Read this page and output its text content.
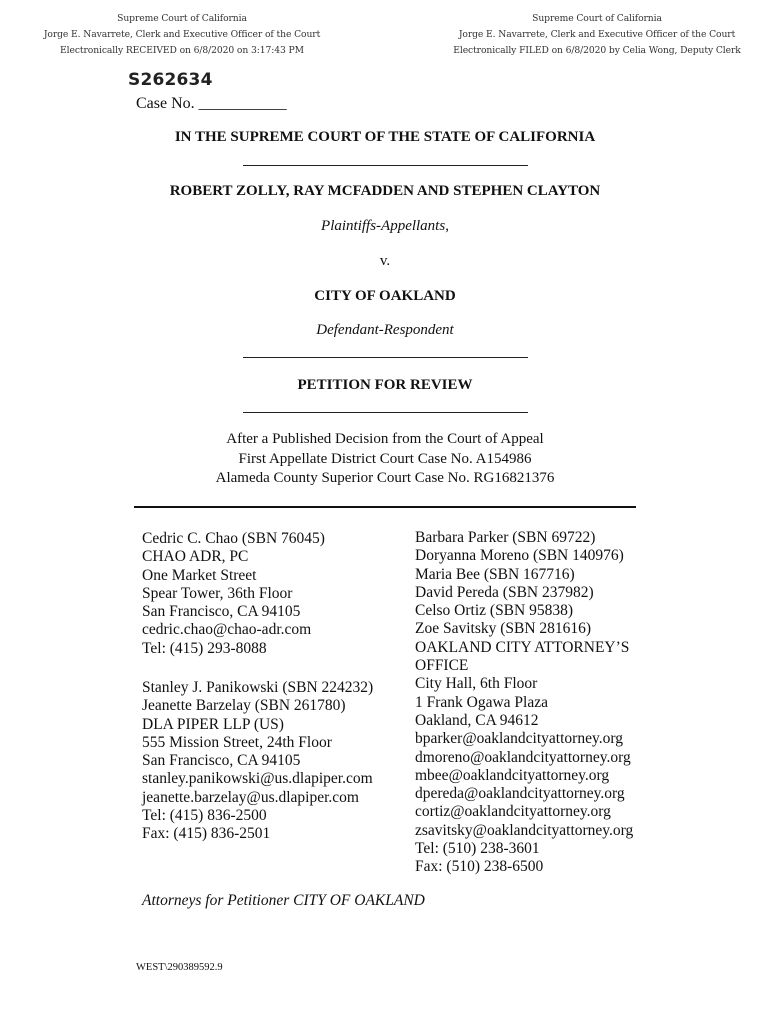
Supreme Court of California
Jorge E. Navarrete, Clerk and Executive Officer of the Court
Electronically RECEIVED on 6/8/2020 on 3:17:43 PM
Supreme Court of California
Jorge E. Navarrete, Clerk and Executive Officer of the Court
Electronically FILED on 6/8/2020 by Celia Wong, Deputy Clerk
S262634
Case No. ___________
IN THE SUPREME COURT OF THE STATE OF CALIFORNIA
ROBERT ZOLLY, RAY MCFADDEN AND STEPHEN CLAYTON
Plaintiffs-Appellants,
v.
CITY OF OAKLAND
Defendant-Respondent
PETITION FOR REVIEW
After a Published Decision from the Court of Appeal
First Appellate District Court Case No. A154986
Alameda County Superior Court Case No. RG16821376
Cedric C. Chao (SBN 76045)
CHAO ADR, PC
One Market Street
Spear Tower, 36th Floor
San Francisco, CA 94105
cedric.chao@chao-adr.com
Tel: (415) 293-8088
Stanley J. Panikowski (SBN 224232)
Jeanette Barzelay (SBN 261780)
DLA PIPER LLP (US)
555 Mission Street, 24th Floor
San Francisco, CA 94105
stanley.panikowski@us.dlapiper.com
jeanette.barzelay@us.dlapiper.com
Tel: (415) 836-2500
Fax: (415) 836-2501
Barbara Parker (SBN 69722)
Doryanna Moreno (SBN 140976)
Maria Bee (SBN 167716)
David Pereda (SBN 237982)
Celso Ortiz (SBN 95838)
Zoe Savitsky (SBN 281616)
OAKLAND CITY ATTORNEY’S
OFFICE
City Hall, 6th Floor
1 Frank Ogawa Plaza
Oakland, CA 94612
bparker@oaklandcityattorney.org
dmoreno@oaklandcityattorney.org
mbee@oaklandcityattorney.org
dpereda@oaklandcityattorney.org
cortiz@oaklandcityattorney.org
zsavitsky@oaklandcityattorney.org
Tel: (510) 238-3601
Fax: (510) 238-6500
Attorneys for Petitioner CITY OF OAKLAND
WEST\290389592.9
